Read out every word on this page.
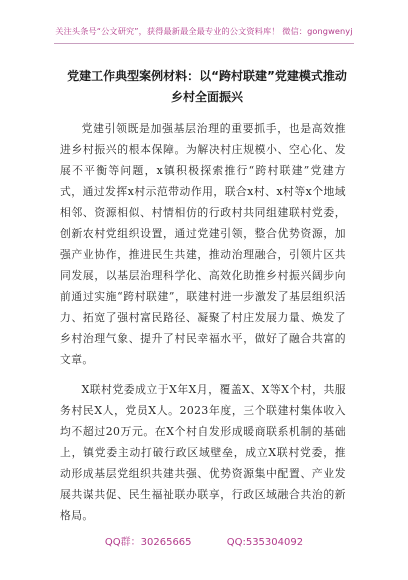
关注头条号“公文研究”，获得最新最全最专业的公文资料库！ 微信：gongwenyj
党建工作典型案例材料：以“跨村联建”党建模式推动乡村全面振兴

党建引领既是加强基层治理的重要抓手，也是高效推进乡村振兴的根本保障。为解决村庄规模小、空心化、发展不平衡等问题，x镇积极探索推行“跨村联建”党建方式，通过发挥x村示范带动作用，联合x村、x村等x个地域相邻、资源相似、村情相仿的行政村共同组建联村党委，创新农村党组织设置，通过党建引领，整合优势资源，加强产业协作，推进民生共建，推动治理融合，引领片区共同发展，以基层治理科学化、高效化助推乡村振兴阔步向前通过实施“跨村联建”，联建村进一步激发了基层组织活力、拓宽了强村富民路径、凝聚了村庄发展力量、焕发了乡村治理气象、提升了村民幸福水平，做好了融合共富的文章。

X联村党委成立于X年X月，覆盖X、X等X个村，共服务村民X人，党员X人。2023年度，三个联建村集体收入均不超过20万元。在X个村自发形成暖商联系机制的基础上，镇党委主动打破行政区域壁垒，成立X联村党委，推动形成基层党组织共建共强、优势资源集中配置、产业发展共谋共促、民生福祉联办联享，行政区域融合共治的新格局。

QQ群：30265665	QQ:535304092
